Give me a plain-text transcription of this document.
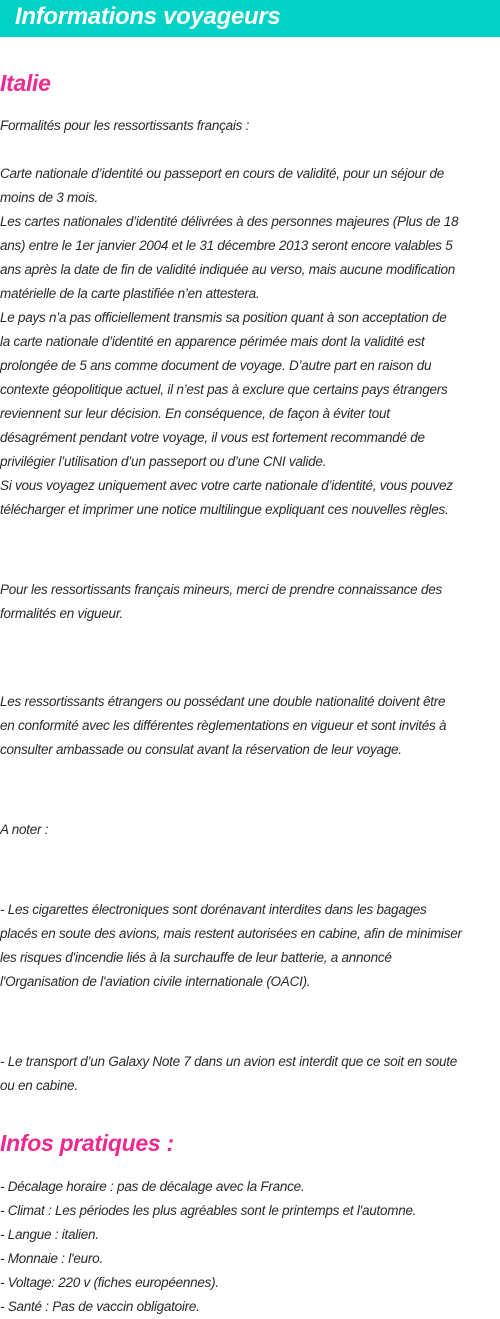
Informations voyageurs
Italie
Formalités pour les ressortissants français :
Carte nationale d’identité ou passeport en cours de validité, pour un séjour de
moins de 3 mois.
Les cartes nationales d’identité délivrées à des personnes majeures (Plus de 18
ans) entre le 1er janvier 2004 et le 31 décembre 2013 seront encore valables 5
ans après la date de fin de validité indiquée au verso, mais aucune modification
matérielle de la carte plastifiée n’en attestera.
Le pays n’a pas officiellement transmis sa position quant à son acceptation de
la carte nationale d’identité en apparence périmée mais dont la validité est
prolongée de 5 ans comme document de voyage. D’autre part en raison du
contexte géopolitique actuel, il n’est pas à exclure que certains pays étrangers
reviennent sur leur décision. En conséquence, de façon à éviter tout
désagrément pendant votre voyage, il vous est fortement recommandé de
privilégier l’utilisation d’un passeport ou d’une CNI valide.
Si vous voyagez uniquement avec votre carte nationale d’identité, vous pouvez
télécharger et imprimer une notice multilingue expliquant ces nouvelles règles.
Pour les ressortissants français mineurs, merci de prendre connaissance des
formalités en vigueur.
Les ressortissants étrangers ou possédant une double nationalité doivent être
en conformité avec les différentes règlementations en vigueur et sont invités à
consulter ambassade ou consulat avant la réservation de leur voyage.
A noter :
- Les cigarettes électroniques sont dorénavant interdites dans les bagages
placés en soute des avions, mais restent autorisées en cabine, afin de minimiser
les risques d'incendie liés à la surchauffe de leur batterie, a annoncé
l'Organisation de l'aviation civile internationale (OACI).
- Le transport d’un Galaxy Note 7 dans un avion est interdit que ce soit en soute
ou en cabine.
Infos pratiques :
- Décalage horaire : pas de décalage avec la France.
- Climat : Les périodes les plus agréables sont le printemps et l'automne.
- Langue : italien.
- Monnaie : l'euro.
- Voltage: 220 v (fiches européennes).
- Santé : Pas de vaccin obligatoire.
